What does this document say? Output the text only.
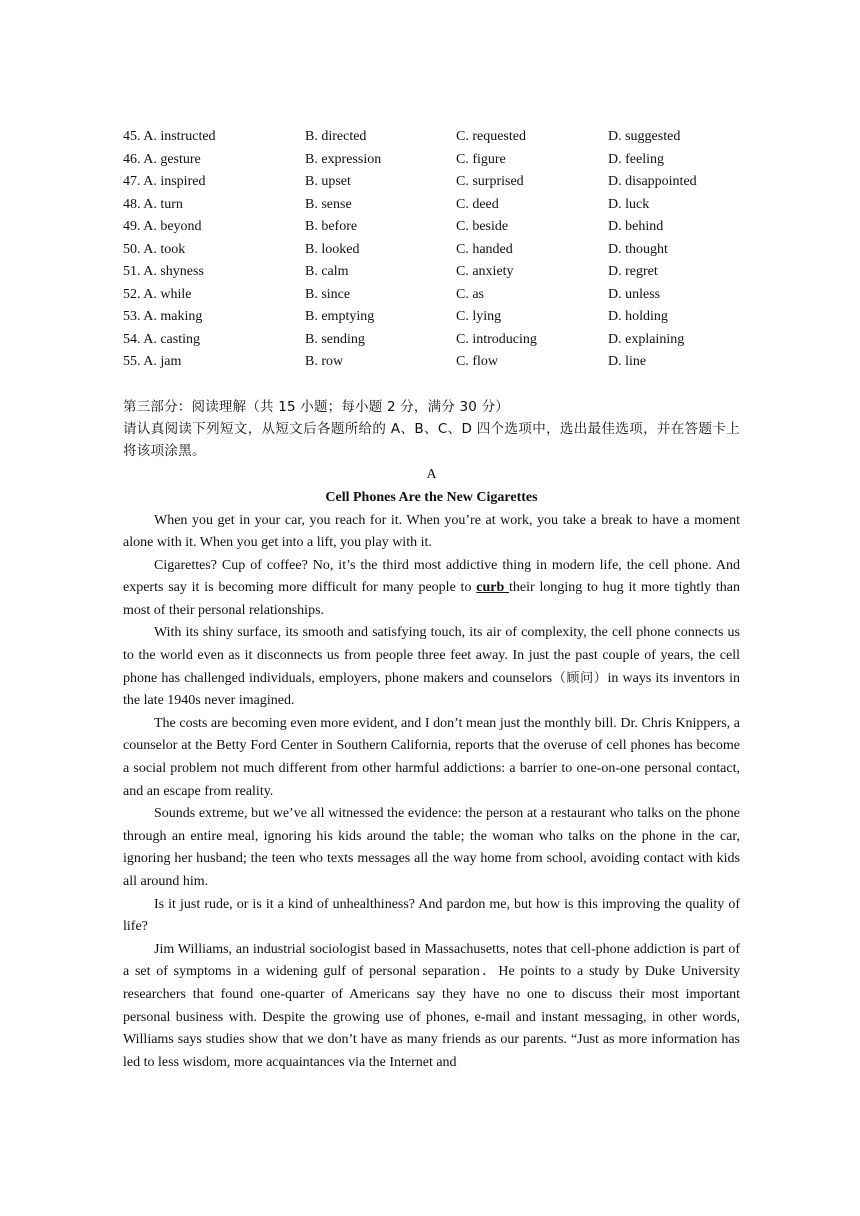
45. A. instructed	B. directed	C. requested	D. suggested
46. A. gesture	B. expression	C. figure	D. feeling
47. A. inspired	B. upset	C. surprised	D. disappointed
48. A. turn	B. sense	C. deed	D. luck
49. A. beyond	B. before	C. beside	D. behind
50. A. took	B. looked	C. handed	D. thought
51. A. shyness	B. calm	C. anxiety	D. regret
52. A. while	B. since	C. as	D. unless
53. A. making	B. emptying	C. lying	D. holding
54. A. casting	B. sending	C. introducing	D. explaining
55. A. jam	B. row	C. flow	D. line
第三部分：阅读理解（共 15 小题；每小题 2 分，满分 30 分）
请认真阅读下列短文，从短文后各题所给的 A、B、C、D 四个选项中，选出最佳选项，并在答题卡上将该项涂黑。
A
Cell Phones Are the New Cigarettes

When you get in your car, you reach for it. When you’re at work, you take a break to have a moment alone with it. When you get into a lift, you play with it.

Cigarettes? Cup of coffee? No, it’s the third most addictive thing in modern life, the cell phone. And experts say it is becoming more difficult for many people to curb their longing to hug it more tightly than most of their personal relationships.

With its shiny surface, its smooth and satisfying touch, its air of complexity, the cell phone connects us to the world even as it disconnects us from people three feet away. In just the past couple of years, the cell phone has challenged individuals, employers, phone makers and counselors（顾问）in ways its inventors in the late 1940s never imagined.

The costs are becoming even more evident, and I don’t mean just the monthly bill. Dr. Chris Knippers, a counselor at the Betty Ford Center in Southern California, reports that the overuse of cell phones has become a social problem not much different from other harmful addictions: a barrier to one-on-one personal contact, and an escape from reality.

Sounds extreme, but we’ve all witnessed the evidence: the person at a restaurant who talks on the phone through an entire meal, ignoring his kids around the table; the woman who talks on the phone in the car, ignoring her husband; the teen who texts messages all the way home from school, avoiding contact with kids all around him.

Is it just rude, or is it a kind of unhealthiness? And pardon me, but how is this improving the quality of life?

Jim Williams, an industrial sociologist based in Massachusetts, notes that cell-phone addiction is part of a set of symptoms in a widening gulf of personal separation．He points to a study by Duke University researchers that found one-quarter of Americans say they have no one to discuss their most important personal business with. Despite the growing use of phones, e-mail and instant messaging, in other words, Williams says studies show that we don’t have as many friends as our parents. “Just as more information has led to less wisdom, more acquaintances via the Internet and
